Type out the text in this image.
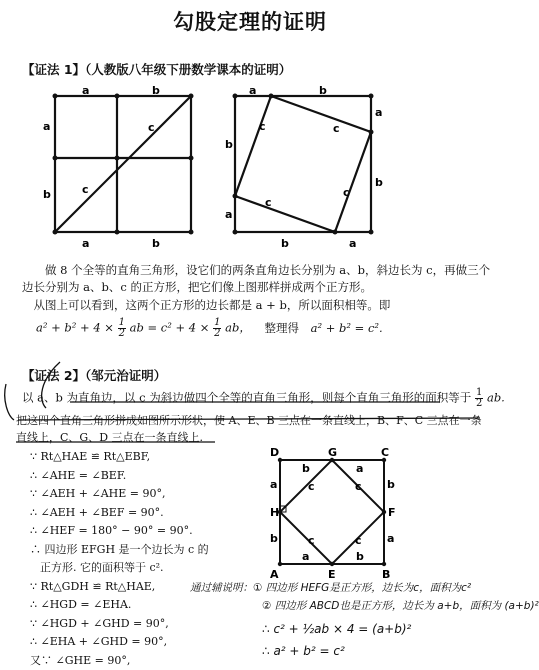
勾股定理的证明
【证法 1】（人教版八年级下册数学课本的证明）
a	b
a
b
a	b
c
c
a	b
a
b
a
b
a
b
c	c
c
c
做 8 个全等的直角三角形，设它们的两条直角边长分别为 a、b，斜边长为 c，再做三个边长分别为 a、b、c 的正方形，把它们像上图那样拼成两个正方形。
从图上可以看到，这两个正方形的边长都是 a + b，所以面积相等。即
$a^2 + b^2 + 4 \times \frac{1}{2}$ ab = $c^2 + 4 \times \frac{1}{2}$ ab， 整理得 a² + b² = c².
【证法 2】（邹元治证明）
以 a、b 为直角边，以 c 为斜边做四个全等的直角三角形，则每个直角三角形的面积等于 $\frac{1}{2}$ ab.
把这四个直角三角形拼成如图所示形状，使 A、E、B 三点在一条直线上，B、F、C 三点在一条
直线上，C、G、D 三点在一条直线上.
∵ Rt△HAE ≌ Rt△EBF,
∴ ∠AHE = ∠BEF.
∵ ∠AEH + ∠AHE = 90°,
∴ ∠AEH + ∠BEF = 90°.
∴ ∠HEF = 180° − 90° = 90°.
∴ 四边形 EFGH 是一个边长为 c 的
正方形. 它的面积等于 c².
∵ Rt△GDH ≌ Rt△HAE,
∴ ∠HGD = ∠EHA.
∵ ∠HGD + ∠GHD = 90°,
∴ ∠EHA + ∠GHD = 90°,
又∵ ∠GHE = 90°,
D	G	C
F
H
A	E	B
b	a
a	b
b	a
a	b
c	c
c	c
通过辅说明：① 四边形 HEFG是正方形，边长为c，面积为c²
② 四边形 ABCD也是正方形，边长为 a+b，面积为 (a+b)²
∴ c² + ½ab × 4 = (a+b)²
∴ a² + b² = c²
